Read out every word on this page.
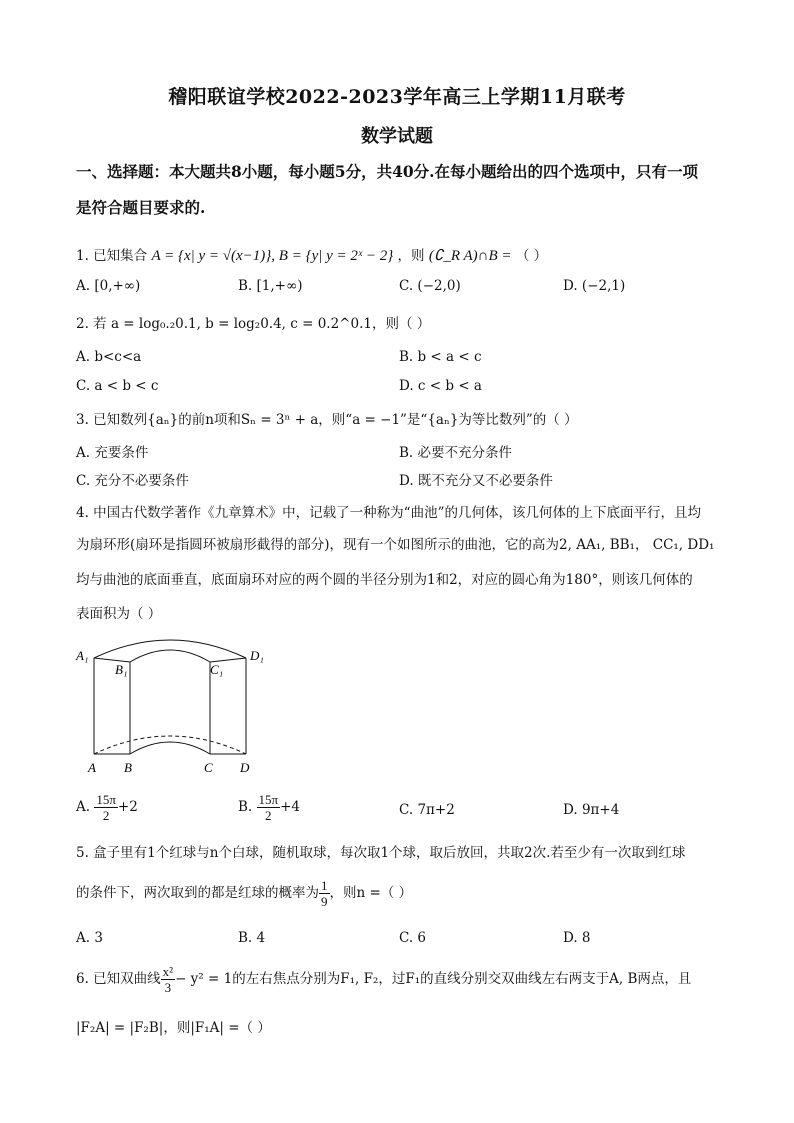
稽阳联谊学校2022-2023学年高三上学期11月联考
数学试题
一、选择题：本大题共8小题，每小题5分，共40分.在每小题给出的四个选项中，只有一项
是符合题目要求的.
1. 已知集合 A = {x| y = √(x−1)}, B = {y| y = 2ˣ − 2} ，则 (∁_R A)∩B = （ ）
A. [0,+∞)	B. [1,+∞)	C. (−2,0)	D. (−2,1)
2. 若 a = log₀.₂0.1, b = log₂0.4, c = 0.2^0.1，则（ ）
A. b<c<a	B. b < a < c
C. a < b < c	D. c < b < a
3. 已知数列{aₙ}的前n项和Sₙ = 3ⁿ + a，则“a = −1”是“{aₙ}为等比数列”的（ ）
A. 充要条件	B. 必要不充分条件
C. 充分不必要条件	D. 既不充分又不必要条件
4. 中国古代数学著作《九章算术》中，记载了一种称为“曲池”的几何体，该几何体的上下底面平行，且均
为扇环形(扇环是指圆环被扇形截得的部分)，现有一个如图所示的曲池，它的高为2, AA₁, BB₁， CC₁, DD₁
均与曲池的底面垂直，底面扇环对应的两个圆的半径分别为1和2，对应的圆心角为180°，则该几何体的
表面积为（ ）
A₁
B₁	C₁
D₁
A B	C D
A. $\frac{15\pi}{2} +2$	B. $\frac{15\pi}{2} +4$	C. 7π+2	D. 9π+4
5. 盒子里有1个红球与n个白球，随机取球，每次取1个球，取后放回，共取2次.若至少有一次取到红球
的条件下，两次取到的都是红球的概率为 $\frac{1}{9}$ ，则n =（ ）
A. 3	B. 4	C. 6	D. 8
6. 已知双曲线 $\frac{\text{x²}}{3} - y^2 = 1$的左右焦点分别为F₁, F₂，过F₁的直线分别交双曲线左右两支于A, B两点，且
|F₂A| = |F₂B|，则|F₁A| =（ ）
